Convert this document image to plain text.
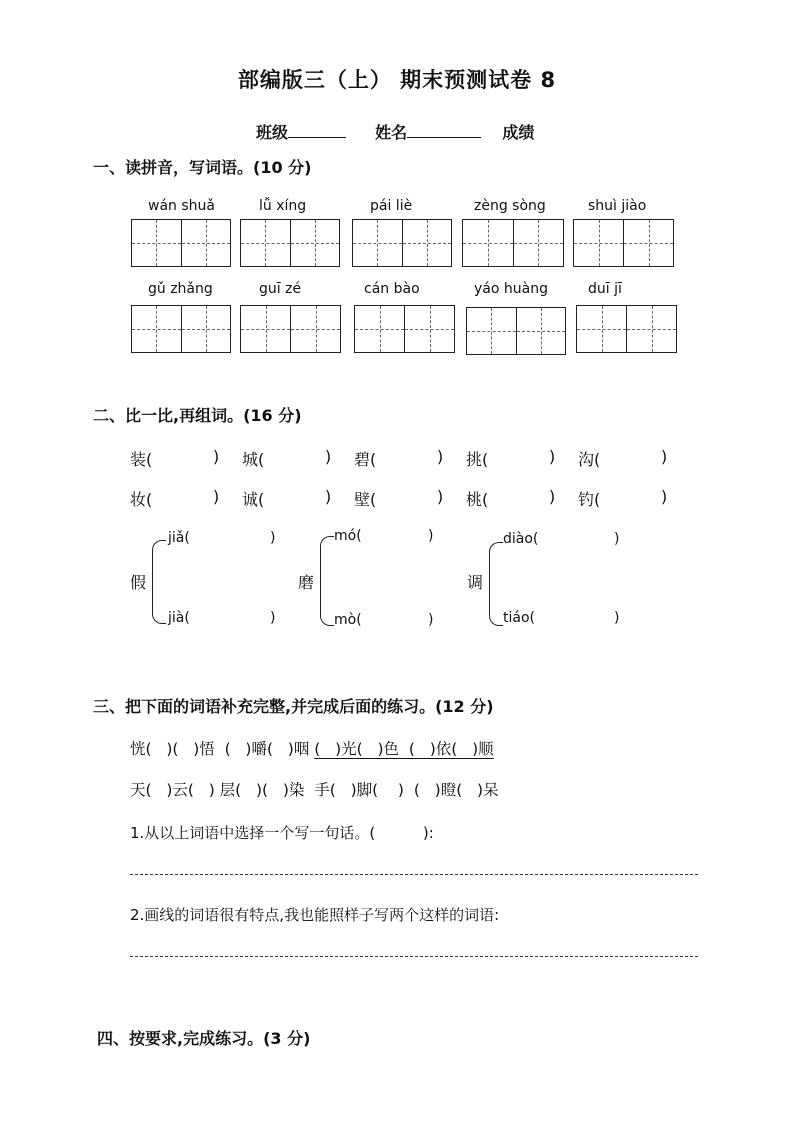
部编版三（上） 期末预测试卷 8
班级	姓名	成绩
一、读拼音，写词语。(10 分)
wán shuǎ	lǚ xíng	pái liè	zèng sòng	shuì jiào
gǔ zhǎng	guī zé	cán bào	yáo huàng	duī jī
二、比一比,再组词。(16 分)
装(	) 城(	) 碧(	) 挑(	) 沟(	)
妆(	) 诚(	) 壁(	) 桃(	) 钓(	)
假
jiǎ(	)
jià(	)
磨
mó(	)
mò(	)
调
diào(	)
tiáo(	)
三、把下面的词语补充完整,并完成后面的练习。(12 分)
恍(   )(   )悟  (   )嚼(   )咽 (   )光(   )色  (   )依(   )顺
天(   )云(   ) 层(   )(   )染  手(   )脚(    )  (   )瞪(   )呆
1.从以上词语中选择一个写一句话。(          ):
2.画线的词语很有特点,我也能照样子写两个这样的词语:
四、按要求,完成练习。(3 分)
